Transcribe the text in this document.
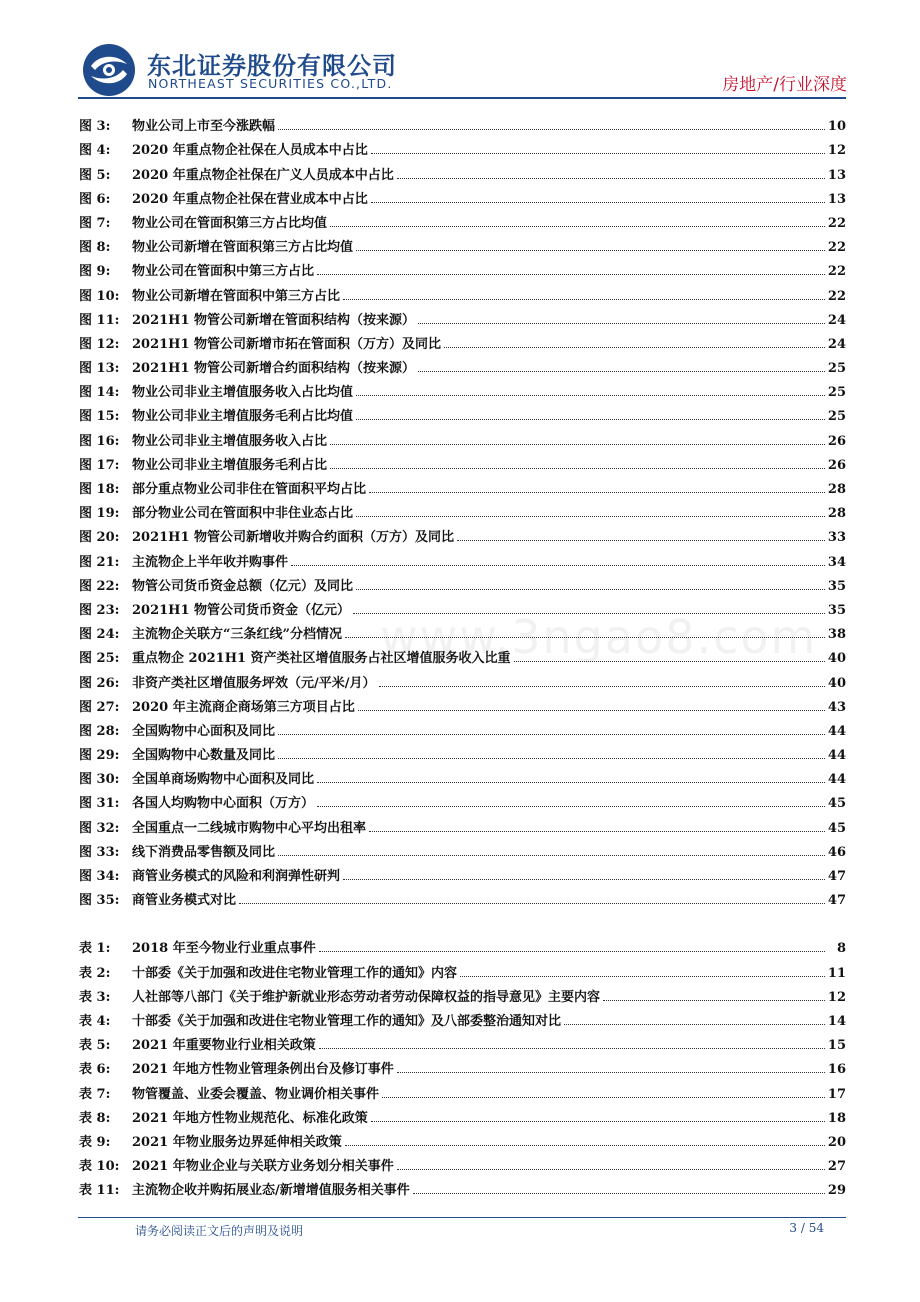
东北证券股份有限公司
NORTHEAST SECURITIES CO.,LTD.	房地产/行业深度
www.3ngao8.com
图 3:	物业公司上市至今涨跌幅	10
图 4:	2020 年重点物企社保在人员成本中占比	12
图 5:	2020 年重点物企社保在广义人员成本中占比	13
图 6:	2020 年重点物企社保在营业成本中占比	13
图 7:	物业公司在管面积第三方占比均值	22
图 8:	物业公司新增在管面积第三方占比均值	22
图 9:	物业公司在管面积中第三方占比	22
图 10: 物业公司新增在管面积中第三方占比	22
图 11: 2021H1 物管公司新增在管面积结构（按来源）	24
图 12: 2021H1 物管公司新增市拓在管面积（万方）及同比	24
图 13: 2021H1 物管公司新增合约面积结构（按来源）	25
图 14: 物业公司非业主增值服务收入占比均值	25
图 15: 物业公司非业主增值服务毛利占比均值	25
图 16: 物业公司非业主增值服务收入占比	26
图 17: 物业公司非业主增值服务毛利占比	26
图 18: 部分重点物业公司非住在管面积平均占比	28
图 19: 部分物业公司在管面积中非住业态占比	28
图 20: 2021H1 物管公司新增收并购合约面积（万方）及同比	33
图 21: 主流物企上半年收并购事件	34
图 22: 物管公司货币资金总额（亿元）及同比	35
图 23: 2021H1 物管公司货币资金（亿元）	35
图 24: 主流物企关联方“三条红线”分档情况	38
图 25: 重点物企 2021H1 资产类社区增值服务占社区增值服务收入比重	40
图 26: 非资产类社区增值服务坪效（元/平米/月）	40
图 27: 2020 年主流商企商场第三方项目占比	43
图 28: 全国购物中心面积及同比	44
图 29: 全国购物中心数量及同比	44
图 30: 全国单商场购物中心面积及同比	44
图 31: 各国人均购物中心面积（万方）	45
图 32: 全国重点一二线城市购物中心平均出租率	45
图 33: 线下消费品零售额及同比	46
图 34: 商管业务模式的风险和利润弹性研判	47
图 35: 商管业务模式对比	47
表 1:	2018 年至今物业行业重点事件	8
表 2:	十部委《关于加强和改进住宅物业管理工作的通知》内容	11
表 3:	人社部等八部门《关于维护新就业形态劳动者劳动保障权益的指导意见》主要内容	12
表 4:	十部委《关于加强和改进住宅物业管理工作的通知》及八部委整治通知对比	14
表 5:	2021 年重要物业行业相关政策	15
表 6:	2021 年地方性物业管理条例出台及修订事件	16
表 7:	物管覆盖、业委会覆盖、物业调价相关事件	17
表 8:	2021 年地方性物业规范化、标准化政策	18
表 9:	2021 年物业服务边界延伸相关政策	20
表 10: 2021 年物业企业与关联方业务划分相关事件	27
表 11: 主流物企收并购拓展业态/新增增值服务相关事件	29
请务必阅读正文后的声明及说明	3 / 54
